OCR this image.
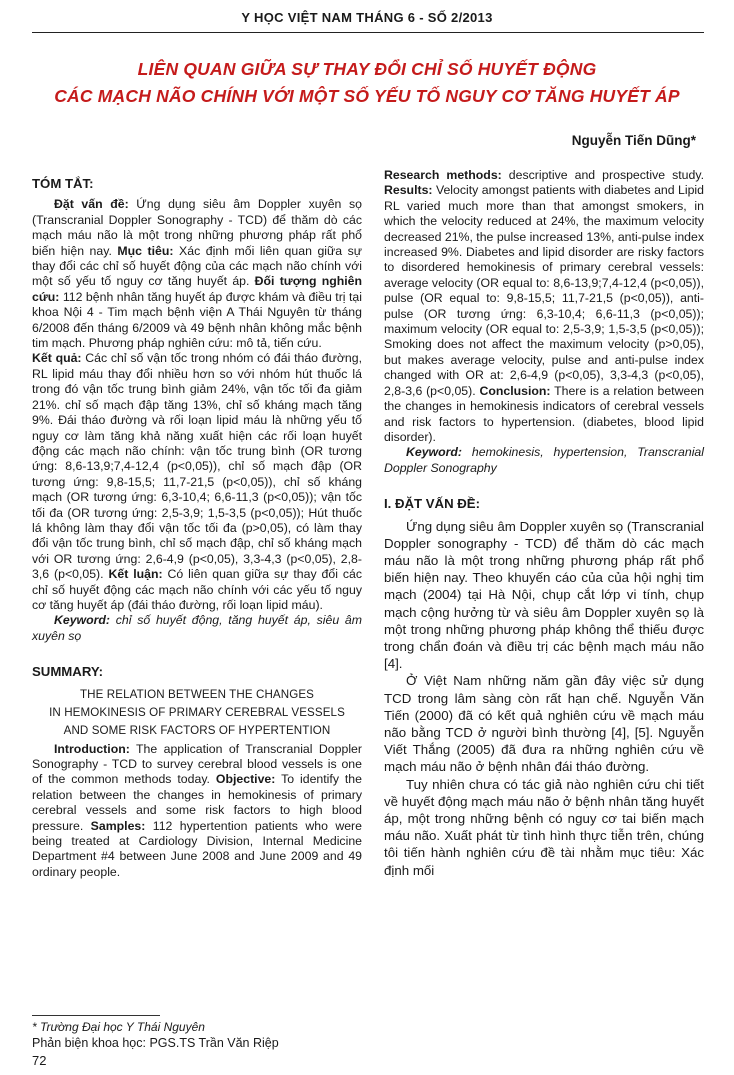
Y HỌC VIỆT NAM THÁNG 6 - SỐ 2/2013
LIÊN QUAN GIỮA SỰ THAY ĐỔI CHỈ SỐ HUYẾT ĐỘNG
CÁC MẠCH NÃO CHÍNH VỚI MỘT SỐ YẾU TỐ NGUY CƠ TĂNG HUYẾT ÁP
Nguyễn Tiến Dũng*
TÓM TẮT:

Đặt vấn đề: Ứng dụng siêu âm Doppler xuyên sọ (Transcranial Doppler Sonography - TCD) để thăm dò các mạch máu não là một trong những phương pháp rất phổ biến hiện nay. Mục tiêu: Xác định mối liên quan giữa sự thay đổi các chỉ số huyết động của các mạch não chính với một số yếu tố nguy cơ tăng huyết áp. Đối tượng nghiên cứu: 112 bệnh nhân tăng huyết áp được khám và điều trị tại khoa Nội 4 - Tim mạch bệnh viện A Thái Nguyên từ tháng 6/2008 đến tháng 6/2009 và 49 bệnh nhân không mắc bệnh tim mạch. Phương pháp nghiên cứu: mô tả, tiến cứu.

Kết quả: Các chỉ số vận tốc trong nhóm có đái tháo đường, RL lipid máu thay đổi nhiều hơn so với nhóm hút thuốc lá trong đó vận tốc trung bình giảm 24%, vận tốc tối đa giảm 21%. chỉ số mạch đập tăng 13%, chỉ số kháng mạch tăng 9%. Đái tháo đường và rối loạn lipid máu là những yếu tố nguy cơ làm tăng khả năng xuất hiện các rối loạn huyết động các mạch não chính: vận tốc trung bình (OR tương ứng: 8,6-13,9;7,4-12,4 (p<0,05)), chỉ số mạch đập (OR tương ứng: 9,8-15,5; 11,7-21,5 (p<0,05)), chỉ số kháng mạch (OR tương ứng: 6,3-10,4; 6,6-11,3 (p<0,05)); vận tốc tối đa (OR tương ứng: 2,5-3,9; 1,5-3,5 (p<0,05)); Hút thuốc lá không làm thay đổi vận tốc tối đa (p>0,05), có làm thay đổi vận tốc trung bình, chỉ số mạch đập, chỉ số kháng mạch với OR tương ứng: 2,6-4,9 (p<0,05), 3,3-4,3 (p<0,05), 2,8-3,6 (p<0,05). Kết luận: Có liên quan giữa sự thay đổi các chỉ số huyết động các mạch não chính với các yếu tố nguy cơ tăng huyết áp (đái tháo đường, rối loạn lipid máu).

Keyword: chỉ số huyết động, tăng huyết áp, siêu âm xuyên sọ

SUMMARY:
THE RELATION BETWEEN THE CHANGES
IN HEMOKINESIS OF PRIMARY CEREBRAL VESSELS
AND SOME RISK FACTORS OF HYPERTENTION

Introduction: The application of Transcranial Doppler Sonography - TCD to survey cerebral blood vessels is one of the common methods today. Objective: To identify the relation between the changes in hemokinesis of primary cerebral vessels and some risk factors to high blood pressure. Samples: 112 hypertention patients who were being treated at Cardiology Division, Internal Medicine Department #4 between June 2008 and June 2009 and 49 ordinary people.

Research methods: descriptive and prospective study. Results: Velocity amongst patients with diabetes and Lipid RL varied much more than that amongst smokers, in which the velocity reduced at 24%, the maximum velocity decreased 21%, the pulse increased 13%, anti-pulse index increased 9%. Diabetes and lipid disorder are risky factors to disordered hemokinesis of primary cerebral vessels: average velocity (OR equal to: 8,6-13,9;7,4-12,4 (p<0,05)), pulse (OR equal to: 9,8-15,5; 11,7-21,5 (p<0,05)), anti-pulse (OR tương ứng: 6,3-10,4; 6,6-11,3 (p<0,05)); maximum velocity (OR equal to: 2,5-3,9; 1,5-3,5 (p<0,05)); Smoking does not affect the maximum velocity (p>0,05), but makes average velocity, pulse and anti-pulse index changed with OR at: 2,6-4,9 (p<0,05), 3,3-4,3 (p<0,05), 2,8-3,6 (p<0,05). Conclusion: There is a relation between the changes in hemokinesis indicators of cerebral vessels and risk factors to hypertension. (diabetes, blood lipid disorder).

Keyword: hemokinesis, hypertension, Transcranial Doppler Sonography

I. ĐẶT VẤN ĐỀ:

Ứng dụng siêu âm Doppler xuyên sọ (Transcranial Doppler sonography - TCD) để thăm dò các mạch máu não là một trong những phương pháp rất phổ biến hiện nay. Theo khuyến cáo của của hội nghị tim mạch (2004) tại Hà Nội, chụp cắt lớp vi tính, chụp mạch cộng hưởng từ và siêu âm Doppler xuyên sọ là một trong những phương pháp không thể thiếu được trong chẩn đoán và điều trị các bệnh mạch máu não [4].

Ở Việt Nam những năm gần đây việc sử dụng TCD trong lâm sàng còn rất hạn chế. Nguyễn Văn Tiến (2000) đã có kết quả nghiên cứu về mạch máu não bằng TCD ở người bình thường [4], [5]. Nguyễn Viết Thắng (2005) đã đưa ra những nghiên cứu về mạch máu não ở bệnh nhân đái tháo đường.

Tuy nhiên chưa có tác giả nào nghiên cứu chi tiết về huyết động mạch máu não ở bệnh nhân tăng huyết áp, một trong những bệnh có nguy cơ tai biến mạch máu não. Xuất phát từ tình hình thực tiễn trên, chúng tôi tiến hành nghiên cứu đề tài nhằm mục tiêu: Xác định mối

* Trường Đại học Y Thái Nguyên
Phản biện khoa học: PGS.TS Trần Văn Riệp
72
